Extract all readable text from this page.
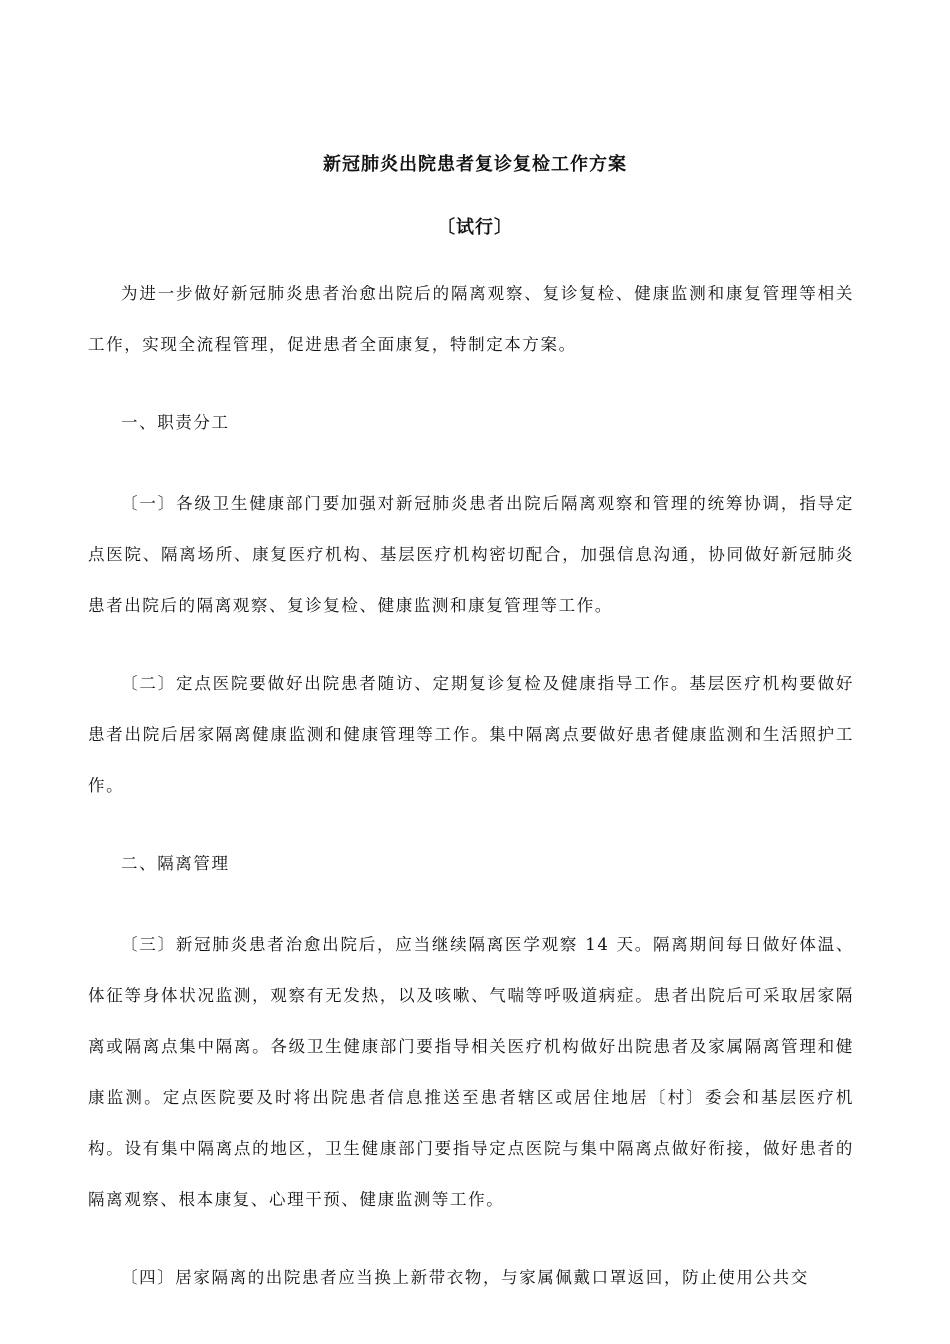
新冠肺炎出院患者复诊复检工作方案
〔试行〕

为进一步做好新冠肺炎患者治愈出院后的隔离观察、复诊复检、健康监测和康复管理等相关工作，实现全流程管理，促进患者全面康复，特制定本方案。

一、职责分工

〔一〕各级卫生健康部门要加强对新冠肺炎患者出院后隔离观察和管理的统筹协调，指导定点医院、隔离场所、康复医疗机构、基层医疗机构密切配合，加强信息沟通，协同做好新冠肺炎患者出院后的隔离观察、复诊复检、健康监测和康复管理等工作。

〔二〕定点医院要做好出院患者随访、定期复诊复检及健康指导工作。基层医疗机构要做好患者出院后居家隔离健康监测和健康管理等工作。集中隔离点要做好患者健康监测和生活照护工作。

二、隔离管理

〔三〕新冠肺炎患者治愈出院后，应当继续隔离医学观察 14 天。隔离期间每日做好体温、体征等身体状况监测，观察有无发热，以及咳嗽、气喘等呼吸道病症。患者出院后可采取居家隔离或隔离点集中隔离。各级卫生健康部门要指导相关医疗机构做好出院患者及家属隔离管理和健康监测。定点医院要及时将出院患者信息推送至患者辖区或居住地居〔村〕委会和基层医疗机构。设有集中隔离点的地区，卫生健康部门要指导定点医院与集中隔离点做好衔接，做好患者的隔离观察、根本康复、心理干预、健康监测等工作。

〔四〕居家隔离的出院患者应当换上新带衣物，与家属佩戴口罩返回，防止使用公共交
